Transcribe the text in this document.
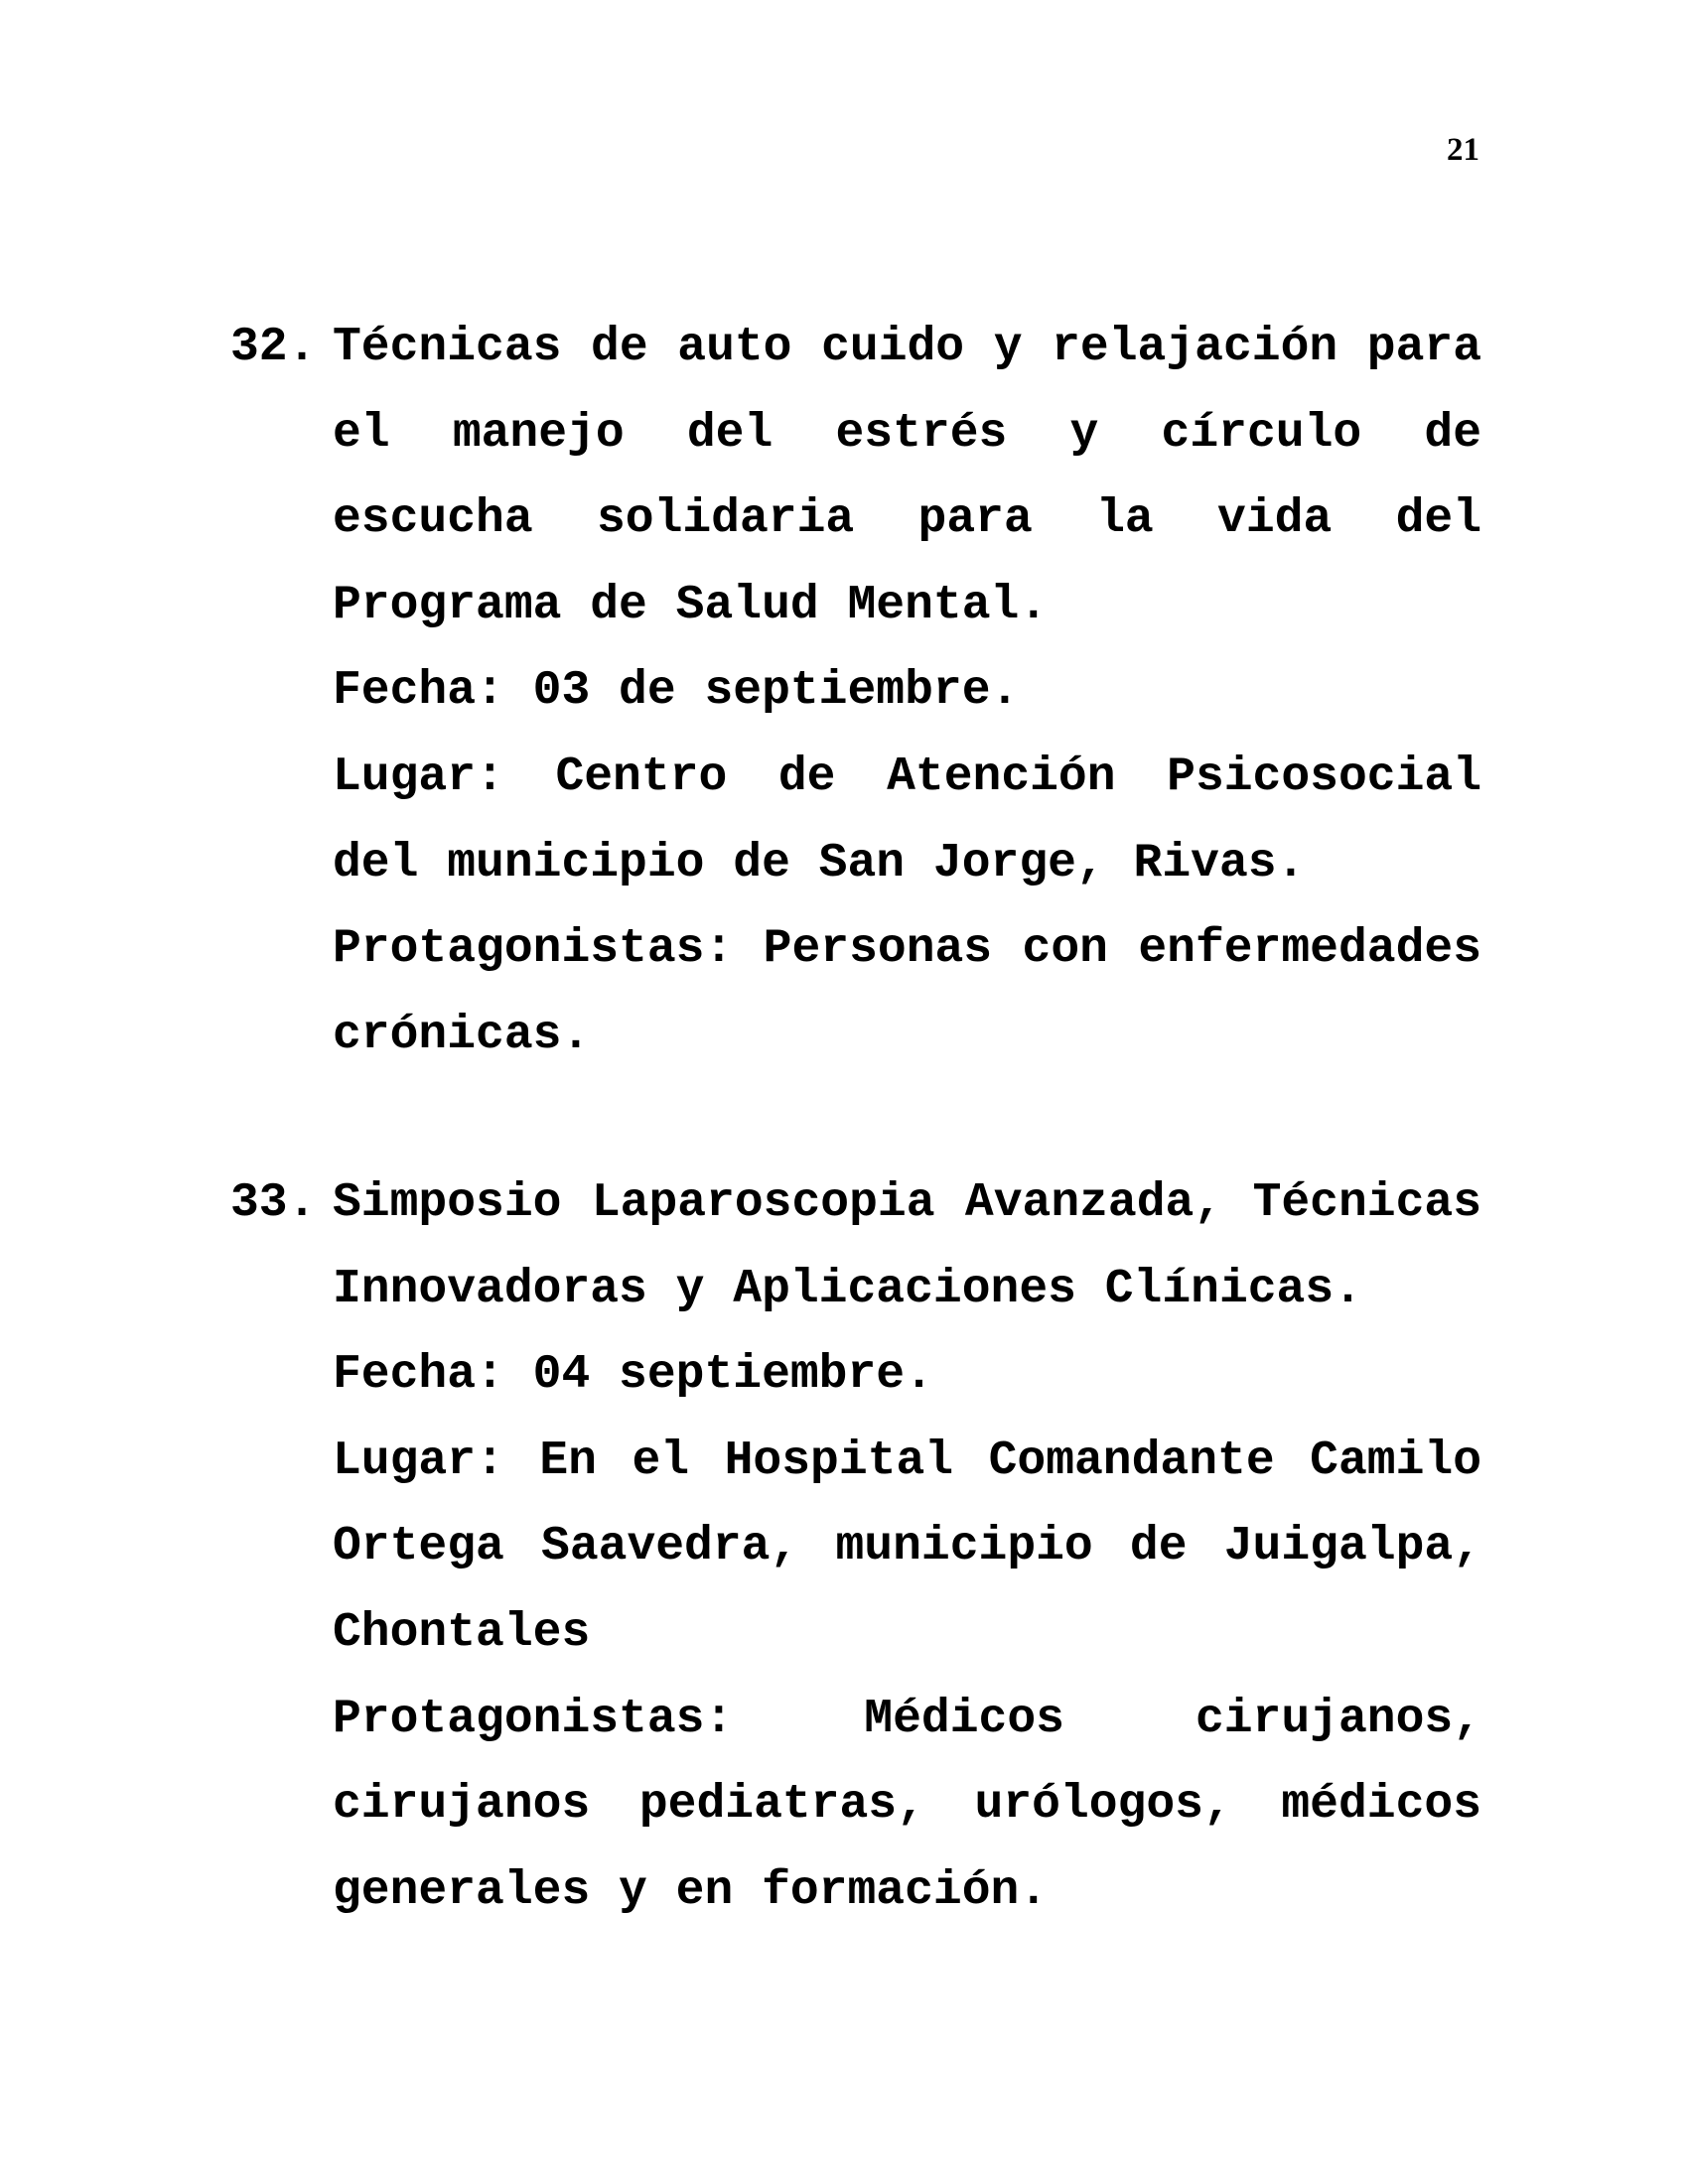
21
32. Técnicas de auto cuido y relajación para el manejo del estrés y círculo de escucha solidaria para la vida del Programa de Salud Mental.

Fecha: 03 de septiembre.

Lugar: Centro de Atención Psicosocial del municipio de San Jorge, Rivas.

Protagonistas: Personas con enfermedades crónicas.

33. Simposio Laparoscopia Avanzada, Técnicas Innovadoras y Aplicaciones Clínicas.

Fecha: 04 septiembre.

Lugar: En el Hospital Comandante Camilo Ortega Saavedra, municipio de Juigalpa, Chontales

Protagonistas: Médicos cirujanos, cirujanos pediatras, urólogos, médicos generales y en formación.
